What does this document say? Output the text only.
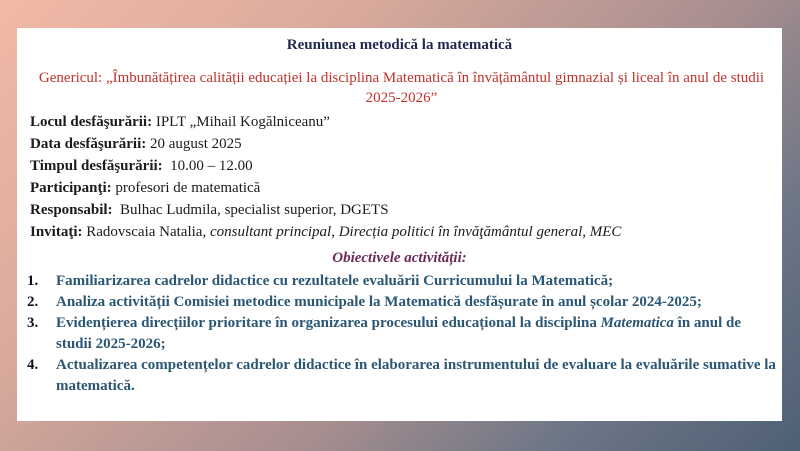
Reuniunea metodică la matematică
Genericul: „Îmbunătățirea calității educației la disciplina Matematică în învățământul gimnazial și liceal în anul de studii 2025-2026”
Locul desfăşurării: IPLT „Mihail Kogălniceanu”
Data desfăşurării: 20 august 2025
Timpul desfăşurării:  10.00 – 12.00
Participanţi: profesori de matematică
Responsabil:  Bulhac Ludmila, specialist superior, DGETS
Invitaţi: Radovscaia Natalia, consultant principal, Direcția politici în învăţământul general, MEC
Obiectivele activității:
1. Familiarizarea cadrelor didactice cu rezultatele evaluării Curricumului la Matematică;
2. Analiza activității Comisiei metodice municipale la Matematică desfășurate în anul școlar 2024-2025;
3. Evidențierea direcțiilor prioritare în organizarea procesului educațional la disciplina Matematica în anul de studii 2025-2026;
4. Actualizarea competențelor cadrelor didactice în elaborarea instrumentului de evaluare la evaluările sumative la matematică.
